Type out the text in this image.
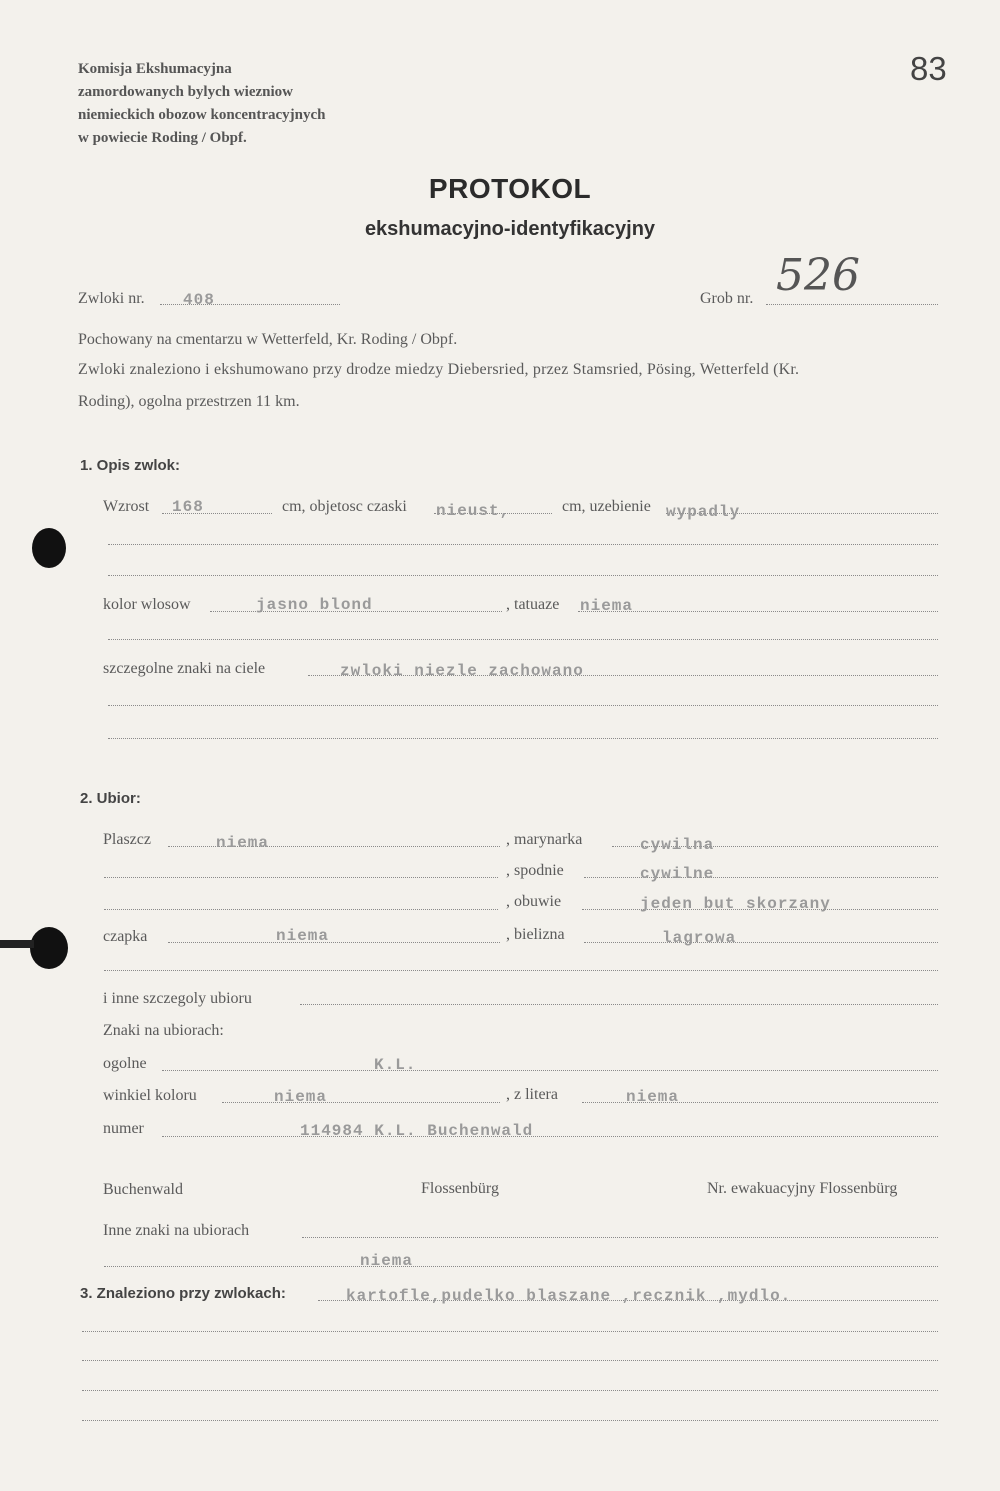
Komisja Ekshumacyjna
zamordowanych bylych wiezniow
niemieckich obozow koncentracyjnych
w powiecie Roding / Obpf.
83
PROTOKOL
ekshumacyjno-identyfikacyjny
Zwloki nr. 408	Grob nr. 526
Pochowany na cmentarzu w Wetterfeld, Kr. Roding / Obpf.
Zwloki znaleziono i ekshumowano przy drodze miedzy Diebersried, przez Stamsried, Pösing, Wetterfeld (Kr.
Roding), ogolna przestrzen 11 km.
1. Opis zwlok:
Wzrost 168	cm, objetosc czaski nieust,	cm, uzebienie wypadly
kolor wlosow	jasno blond	, tatuaze niema
szczegolne znaki na ciele	zwloki niezle zachowano
2. Ubior:
Plaszcz	niema	, marynarka	cywilna
, spodnie	cywilne
, obuwie	jeden but skorzany
czapka	niema	, bielizna	lagrowa
i inne szczegoly ubioru
Znaki na ubiorach:
ogolne	K.L.
winkiel koloru	niema	, z litera	niema
numer	114984 K.L. Buchenwald
Buchenwald	Flossenbürg	Nr. ewakuacyjny Flossenbürg
Inne znaki na ubiorach
niema
3. Znaleziono przy zwlokach:	kartofle,pudelko blaszane ,recznik ,mydlo.
